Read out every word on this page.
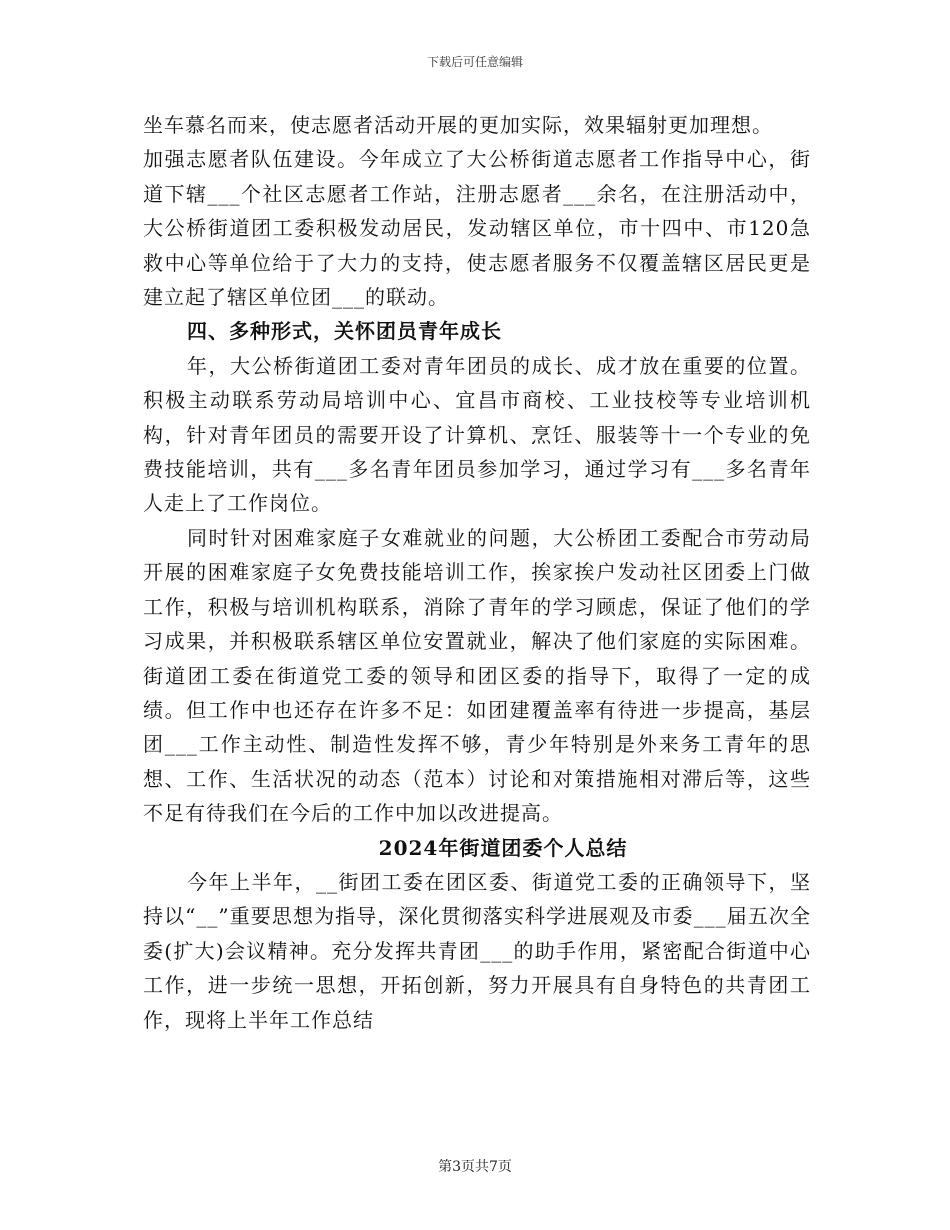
下载后可任意编辑

坐车慕名而来，使志愿者活动开展的更加实际，效果辐射更加理想。

加强志愿者队伍建设。今年成立了大公桥街道志愿者工作指导中心，街道下辖___个社区志愿者工作站，注册志愿者___余名，在注册活动中，大公桥街道团工委积极发动居民，发动辖区单位，市十四中、市120急救中心等单位给于了大力的支持，使志愿者服务不仅覆盖辖区居民更是建立起了辖区单位团___的联动。

四、多种形式，关怀团员青年成长

年，大公桥街道团工委对青年团员的成长、成才放在重要的位置。积极主动联系劳动局培训中心、宜昌市商校、工业技校等专业培训机构，针对青年团员的需要开设了计算机、烹饪、服装等十一个专业的免费技能培训，共有___多名青年团员参加学习，通过学习有___多名青年人走上了工作岗位。

同时针对困难家庭子女难就业的问题，大公桥团工委配合市劳动局开展的困难家庭子女免费技能培训工作，挨家挨户发动社区团委上门做工作，积极与培训机构联系，消除了青年的学习顾虑，保证了他们的学习成果，并积极联系辖区单位安置就业，解决了他们家庭的实际困难。街道团工委在街道党工委的领导和团区委的指导下，取得了一定的成绩。但工作中也还存在许多不足：如团建覆盖率有待进一步提高，基层团___工作主动性、制造性发挥不够，青少年特别是外来务工青年的思想、工作、生活状况的动态（范本）讨论和对策措施相对滞后等，这些不足有待我们在今后的工作中加以改进提高。

2024年街道团委个人总结

今年上半年，__街团工委在团区委、街道党工委的正确领导下，坚持以“__”重要思想为指导，深化贯彻落实科学进展观及市委___届五次全委(扩大)会议精神。充分发挥共青团___的助手作用，紧密配合街道中心工作，进一步统一思想，开拓创新，努力开展具有自身特色的共青团工作，现将上半年工作总结

第3页共7页
